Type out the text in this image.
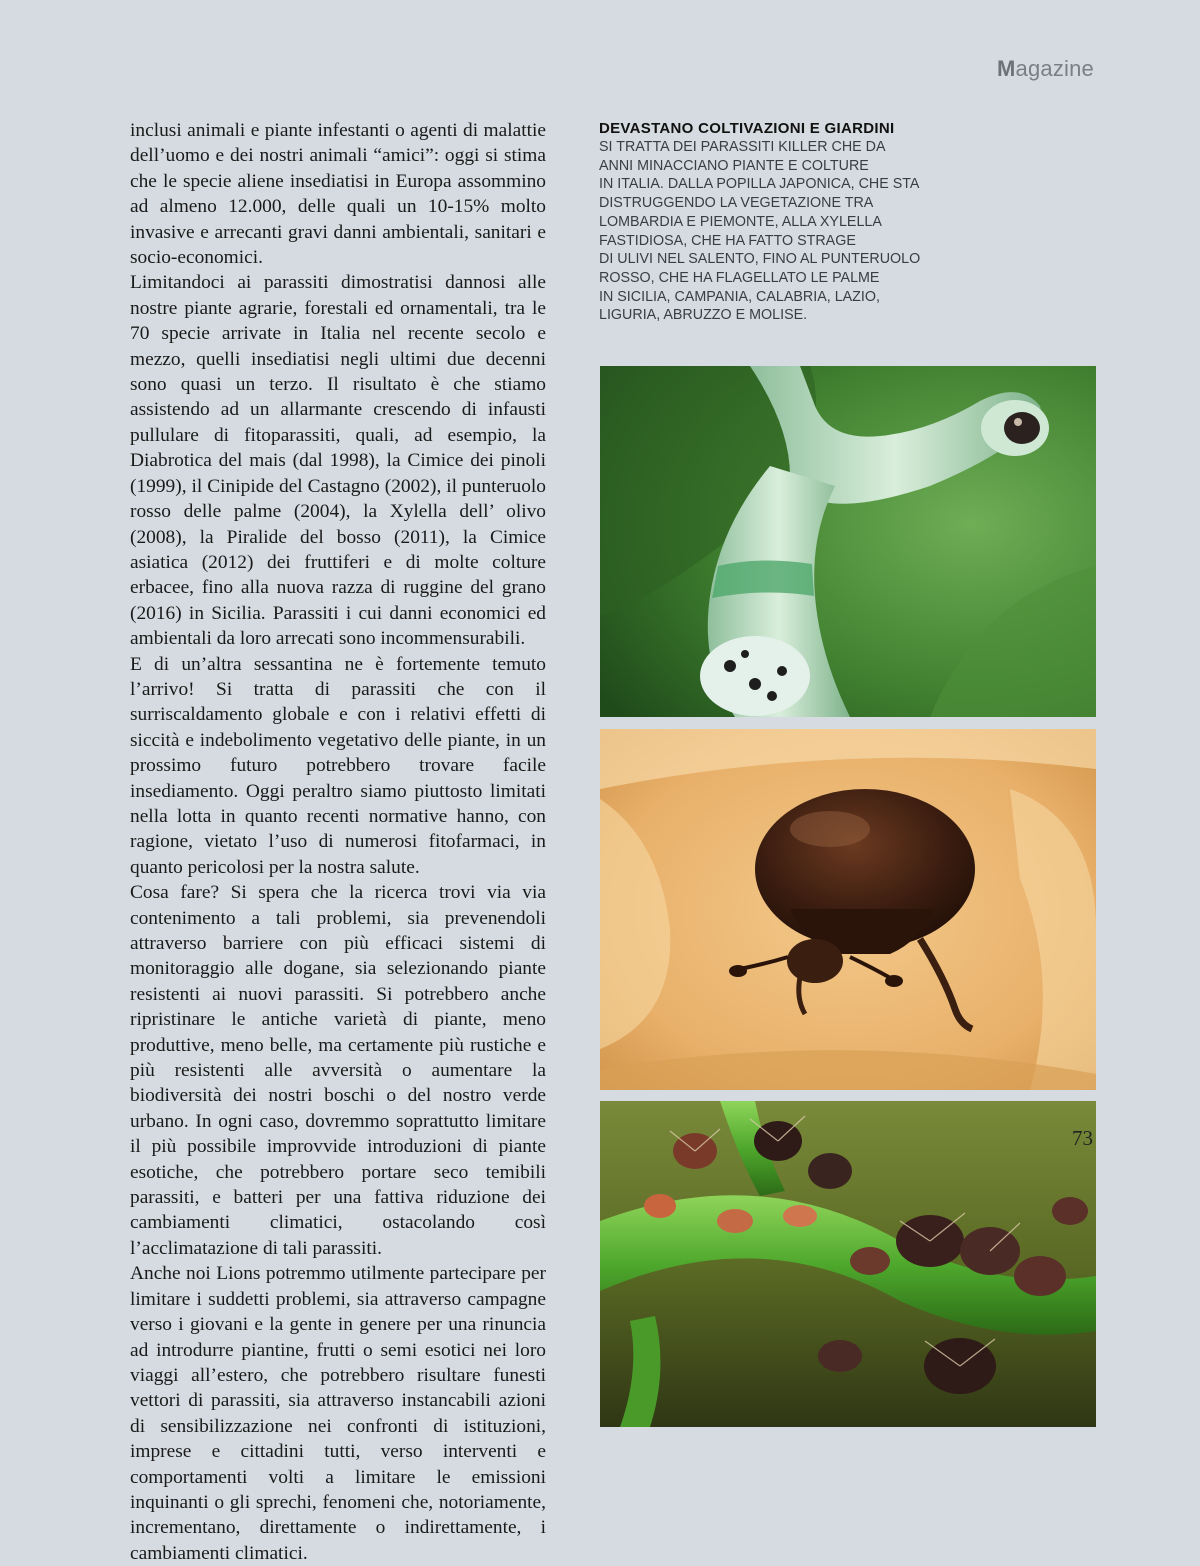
Magazine

inclusi animali e piante infestanti o agenti di malattie dell’uomo e dei nostri animali “amici”: oggi si stima che le specie aliene insediatisi in Europa assommino ad almeno 12.000, delle quali un 10-15% molto invasive e arrecanti gravi danni ambientali, sanitari e socio-economici.

Limitandoci ai parassiti dimostratisi dannosi alle nostre piante agrarie, forestali ed ornamentali, tra le 70 specie arrivate in Italia nel recente secolo e mezzo, quelli insediatisi negli ultimi due decenni sono quasi un terzo. Il risultato è che stiamo assistendo ad un allarmante crescendo di infausti pullulare di fitoparassiti, quali, ad esempio, la Diabrotica del mais (dal 1998), la Cimice dei pinoli (1999), il Cinipide del Castagno (2002), il punteruolo rosso delle palme (2004), la Xylella dell’ olivo (2008), la Piralide del bosso (2011), la Cimice asiatica (2012) dei fruttiferi e di molte colture erbacee, fino alla nuova razza di ruggine del grano (2016) in Sicilia. Parassiti i cui danni economici ed ambientali da loro arrecati sono incommensurabili.

E di un’altra sessantina ne è fortemente temuto l’arrivo! Si tratta di parassiti che con il surriscaldamento globale e con i relativi effetti di siccità e indebolimento vegetativo delle piante, in un prossimo futuro potrebbero trovare facile insediamento. Oggi peraltro siamo piuttosto limitati nella lotta in quanto recenti normative hanno, con ragione, vietato l’uso di numerosi fitofarmaci, in quanto pericolosi per la nostra salute.

Cosa fare? Si spera che la ricerca trovi via via contenimento a tali problemi, sia prevenendoli attraverso barriere con più efficaci sistemi di monitoraggio alle dogane, sia selezionando piante resistenti ai nuovi parassiti. Si potrebbero anche ripristinare le antiche varietà di piante, meno produttive, meno belle, ma certamente più rustiche e più resistenti alle avversità o aumentare la biodiversità dei nostri boschi o del nostro verde urbano. In ogni caso, dovremmo soprattutto limitare il più possibile improvvide introduzioni di piante esotiche, che potrebbero portare seco temibili parassiti, e batteri per una fattiva riduzione dei cambiamenti climatici, ostacolando così l’acclimatazione di tali parassiti.

Anche noi Lions potremmo utilmente partecipare per limitare i suddetti problemi, sia attraverso campagne verso i giovani e la gente in genere per una rinuncia ad introdurre piantine, frutti o semi esotici nei loro viaggi all’estero, che potrebbero risultare funesti vettori di parassiti, sia attraverso instancabili azioni di sensibilizzazione nei confronti di istituzioni, imprese e cittadini tutti, verso interventi e comportamenti volti a limitare le emissioni inquinanti o gli sprechi, fenomeni che, notoriamente, incrementano, direttamente o indirettamente, i cambiamenti climatici.

DEVASTANO COLTIVAZIONI E GIARDINI
SI TRATTA DEI PARASSITI KILLER CHE DA
ANNI MINACCIANO PIANTE E COLTURE
IN ITALIA. DALLA POPILLA JAPONICA, CHE STA
DISTRUGGENDO LA VEGETAZIONE TRA
LOMBARDIA E PIEMONTE, ALLA XYLELLA
FASTIDIOSA, CHE HA FATTO STRAGE
DI ULIVI NEL SALENTO, FINO AL PUNTERUOLO
ROSSO, CHE HA FLAGELLATO LE PALME
IN SICILIA, CAMPANIA, CALABRIA, LAZIO,
LIGURIA, ABRUZZO E MOLISE.
73
